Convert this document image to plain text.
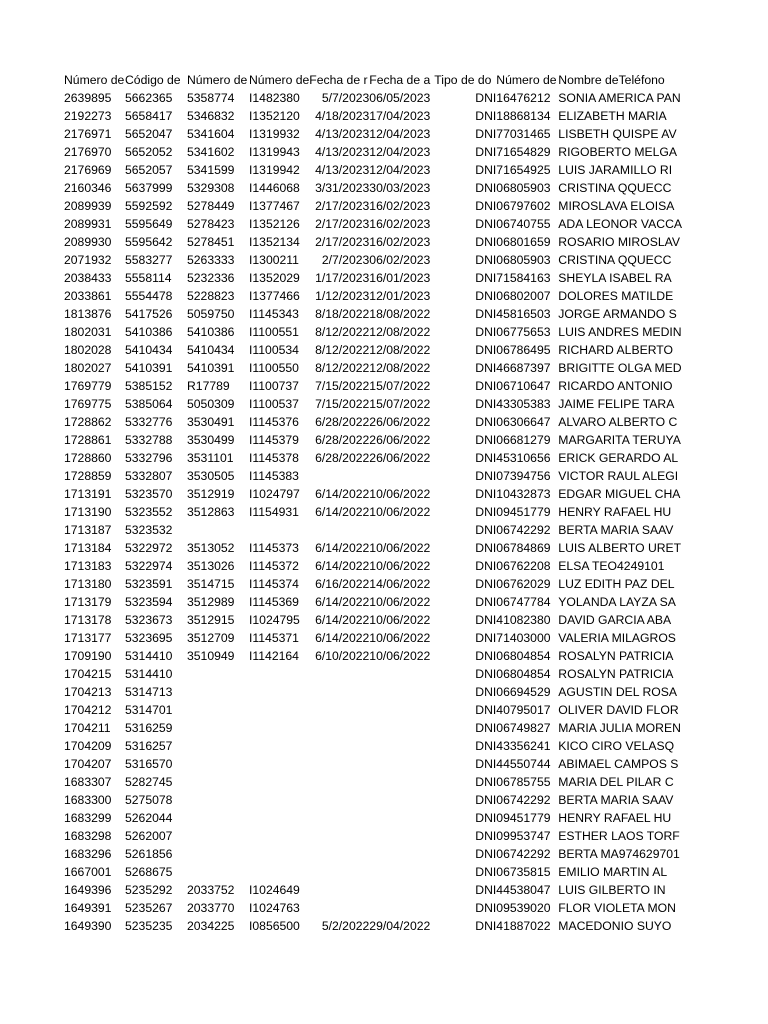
Número de	Código de	Número de	Número de	Fecha de r	Fecha de a	Tipo de do	Número de	Nombre deTeléfono
2639895	5662365	5358774	I1482380	5/7/2023	06/05/2023	DNI	16476212	SONIA AMERICA PAN
2192273	5658417	5346832	I1352120	4/18/2023	17/04/2023	DNI	18868134	ELIZABETH MARIA
2176971	5652047	5341604	I1319932	4/13/2023	12/04/2023	DNI	77031465	LISBETH QUISPE AV
2176970	5652052	5341602	I1319943	4/13/2023	12/04/2023	DNI	71654829	RIGOBERTO MELGA
2176969	5652057	5341599	I1319942	4/13/2023	12/04/2023	DNI	71654925	LUIS JARAMILLO RI
2160346	5637999	5329308	I1446068	3/31/2023	30/03/2023	DNI	06805903	CRISTINA QQUECC
2089939	5592592	5278449	I1377467	2/17/2023	16/02/2023	DNI	06797602	MIROSLAVA ELOISA
2089931	5595649	5278423	I1352126	2/17/2023	16/02/2023	DNI	06740755	ADA LEONOR VACCA
2089930	5595642	5278451	I1352134	2/17/2023	16/02/2023	DNI	06801659	ROSARIO MIROSLAV
2071932	5583277	5263333	I1300211	2/7/2023	06/02/2023	DNI	06805903	CRISTINA QQUECC
2038433	5558114	5232336	I1352029	1/17/2023	16/01/2023	DNI	71584163	SHEYLA ISABEL RA
2033861	5554478	5228823	I1377466	1/12/2023	12/01/2023	DNI	06802007	DOLORES MATILDE
1813876	5417526	5059750	I1145343	8/18/2022	18/08/2022	DNI	45816503	JORGE ARMANDO S
1802031	5410386	5410386	I1100551	8/12/2022	12/08/2022	DNI	06775653	LUIS ANDRES MEDIN
1802028	5410434	5410434	I1100534	8/12/2022	12/08/2022	DNI	06786495	RICHARD ALBERTO
1802027	5410391	5410391	I1100550	8/12/2022	12/08/2022	DNI	46687397	BRIGITTE OLGA MED
1769779	5385152	R17789	I1100737	7/15/2022	15/07/2022	DNI	06710647	RICARDO ANTONIO
1769775	5385064	5050309	I1100537	7/15/2022	15/07/2022	DNI	43305383	JAIME FELIPE TARA
1728862	5332776	3530491	I1145376	6/28/2022	26/06/2022	DNI	06306647	ALVARO ALBERTO C
1728861	5332788	3530499	I1145379	6/28/2022	26/06/2022	DNI	06681279	MARGARITA TERUYA
1728860	5332796	3531101	I1145378	6/28/2022	26/06/2022	DNI	45310656	ERICK GERARDO AL
1728859	5332807	3530505	I1145383			DNI	07394756	VICTOR RAUL ALEGI
1713191	5323570	3512919	I1024797	6/14/2022	10/06/2022	DNI	10432873	EDGAR MIGUEL CHA
1713190	5323552	3512863	I1154931	6/14/2022	10/06/2022	DNI	09451779	HENRY RAFAEL HU
1713187	5323532					DNI	06742292	BERTA MARIA SAAV
1713184	5322972	3513052	I1145373	6/14/2022	10/06/2022	DNI	06784869	LUIS ALBERTO URET
1713183	5322974	3513026	I1145372	6/14/2022	10/06/2022	DNI	06762208	ELSA TEO4249101
1713180	5323591	3514715	I1145374	6/16/2022	14/06/2022	DNI	06762029	LUZ EDITH PAZ DEL
1713179	5323594	3512989	I1145369	6/14/2022	10/06/2022	DNI	06747784	YOLANDA LAYZA SA
1713178	5323673	3512915	I1024795	6/14/2022	10/06/2022	DNI	41082380	DAVID GARCIA ABA
1713177	5323695	3512709	I1145371	6/14/2022	10/06/2022	DNI	71403000	VALERIA MILAGROS
1709190	5314410	3510949	I1142164	6/10/2022	10/06/2022	DNI	06804854	ROSALYN PATRICIA
1704215	5314410					DNI	06804854	ROSALYN PATRICIA
1704213	5314713					DNI	06694529	AGUSTIN DEL ROSA
1704212	5314701					DNI	40795017	OLIVER DAVID FLOR
1704211	5316259					DNI	06749827	MARIA JULIA MOREN
1704209	5316257					DNI	43356241	KICO CIRO VELASQ
1704207	5316570					DNI	44550744	ABIMAEL CAMPOS S
1683307	5282745					DNI	06785755	MARIA DEL PILAR C
1683300	5275078					DNI	06742292	BERTA MARIA SAAV
1683299	5262044					DNI	09451779	HENRY RAFAEL HU
1683298	5262007					DNI	09953747	ESTHER LAOS TORF
1683296	5261856					DNI	06742292	BERTA MA974629701
1667001	5268675					DNI	06735815	EMILIO MARTIN AL
1649396	5235292	2033752	I1024649			DNI	44538047	LUIS GILBERTO IN
1649391	5235267	2033770	I1024763			DNI	09539020	FLOR VIOLETA MON
1649390	5235235	2034225	I0856500	5/2/2022	29/04/2022	DNI	41887022	MACEDONIO SUYO
